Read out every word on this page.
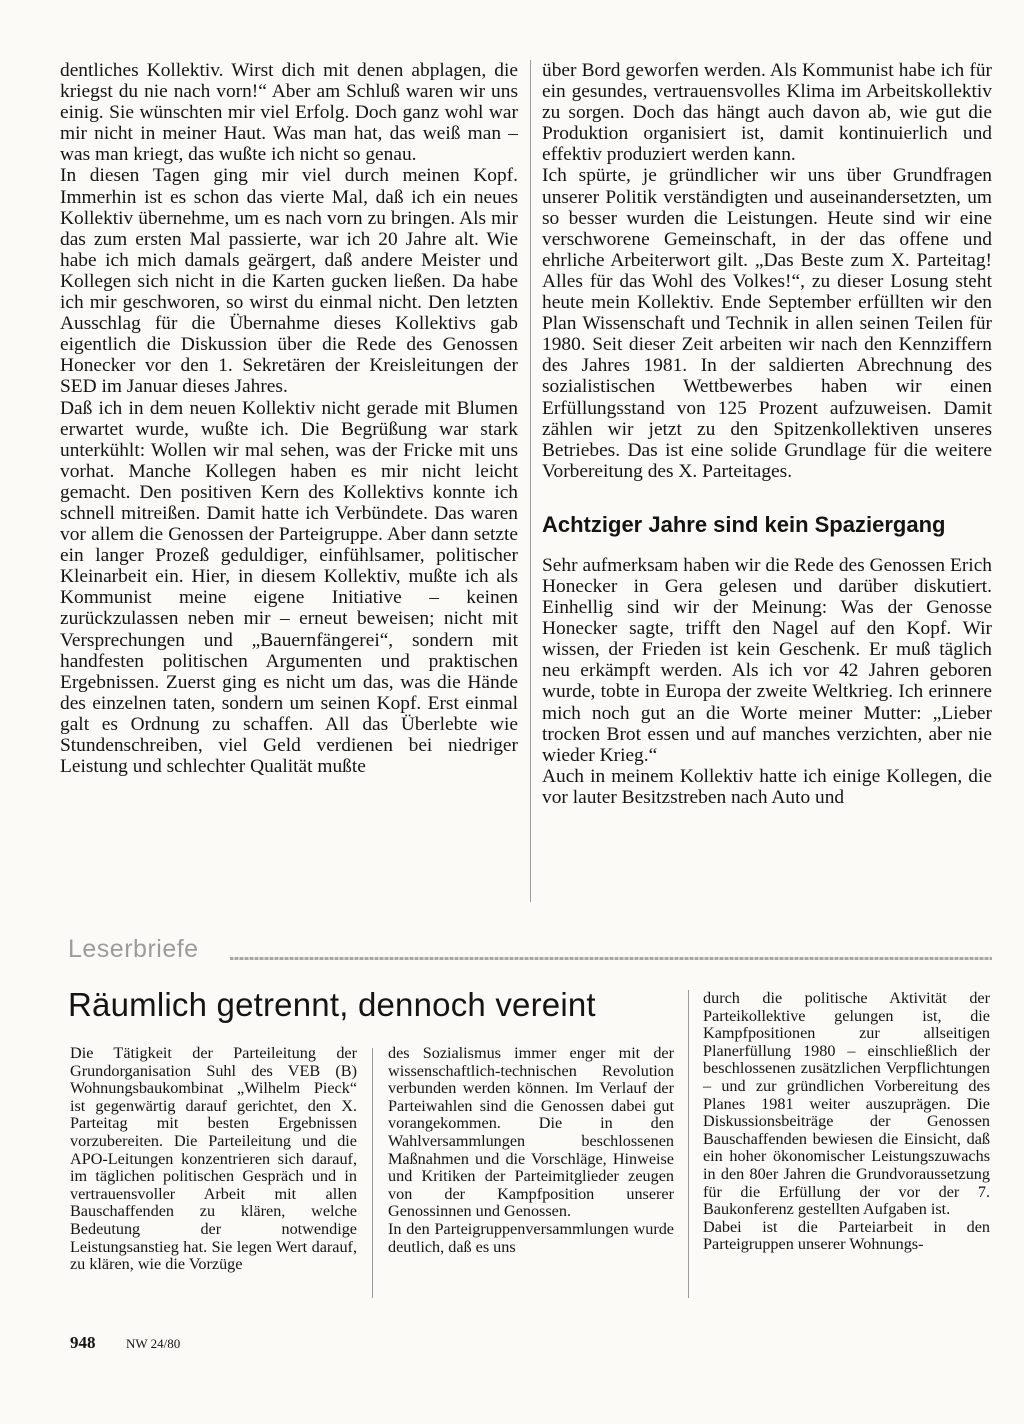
dentliches Kollektiv. Wirst dich mit denen abplagen, die kriegst du nie nach vorn!“ Aber am Schluß waren wir uns einig. Sie wünschten mir viel Erfolg. Doch ganz wohl war mir nicht in meiner Haut. Was man hat, das weiß man – was man kriegt, das wußte ich nicht so genau.

In diesen Tagen ging mir viel durch meinen Kopf. Immerhin ist es schon das vierte Mal, daß ich ein neues Kollektiv übernehme, um es nach vorn zu bringen. Als mir das zum ersten Mal passierte, war ich 20 Jahre alt. Wie habe ich mich damals geärgert, daß andere Meister und Kollegen sich nicht in die Karten gucken ließen. Da habe ich mir geschworen, so wirst du einmal nicht. Den letzten Ausschlag für die Übernahme dieses Kollektivs gab eigentlich die Diskussion über die Rede des Genossen Honecker vor den 1. Sekretären der Kreisleitungen der SED im Januar dieses Jahres.

Daß ich in dem neuen Kollektiv nicht gerade mit Blumen erwartet wurde, wußte ich. Die Begrüßung war stark unterkühlt: Wollen wir mal sehen, was der Fricke mit uns vorhat. Manche Kollegen haben es mir nicht leicht gemacht. Den positiven Kern des Kollektivs konnte ich schnell mitreißen. Damit hatte ich Verbündete. Das waren vor allem die Genossen der Parteigruppe. Aber dann setzte ein langer Prozeß geduldiger, einfühlsamer, politischer Kleinarbeit ein. Hier, in diesem Kollektiv, mußte ich als Kommunist meine eigene Initiative – keinen zurückzulassen neben mir – erneut beweisen; nicht mit Versprechungen und „Bauernfängerei“, sondern mit handfesten politischen Argumenten und praktischen Ergebnissen. Zuerst ging es nicht um das, was die Hände des einzelnen taten, sondern um seinen Kopf. Erst einmal galt es Ordnung zu schaffen. All das Überlebte wie Stundenschreiben, viel Geld verdienen bei niedriger Leistung und schlechter Qualität mußte

über Bord geworfen werden. Als Kommunist habe ich für ein gesundes, vertrauensvolles Klima im Arbeitskollektiv zu sorgen. Doch das hängt auch davon ab, wie gut die Produktion organisiert ist, damit kontinuierlich und effektiv produziert werden kann.

Ich spürte, je gründlicher wir uns über Grundfragen unserer Politik verständigten und auseinandersetzten, um so besser wurden die Leistungen. Heute sind wir eine verschworene Gemeinschaft, in der das offene und ehrliche Arbeiterwort gilt. „Das Beste zum X. Parteitag! Alles für das Wohl des Volkes!“, zu dieser Losung steht heute mein Kollektiv. Ende September erfüllten wir den Plan Wissenschaft und Technik in allen seinen Teilen für 1980. Seit dieser Zeit arbeiten wir nach den Kennziffern des Jahres 1981. In der saldierten Abrechnung des sozialistischen Wettbewerbes haben wir einen Erfüllungsstand von 125 Prozent aufzuweisen. Damit zählen wir jetzt zu den Spitzenkollektiven unseres Betriebes. Das ist eine solide Grundlage für die weitere Vorbereitung des X. Parteitages.

Achtziger Jahre sind kein Spaziergang

Sehr aufmerksam haben wir die Rede des Genossen Erich Honecker in Gera gelesen und darüber diskutiert. Einhellig sind wir der Meinung: Was der Genosse Honecker sagte, trifft den Nagel auf den Kopf. Wir wissen, der Frieden ist kein Geschenk. Er muß täglich neu erkämpft werden. Als ich vor 42 Jahren geboren wurde, tobte in Europa der zweite Weltkrieg. Ich erinnere mich noch gut an die Worte meiner Mutter: „Lieber trocken Brot essen und auf manches verzichten, aber nie wieder Krieg.“

Auch in meinem Kollektiv hatte ich einige Kollegen, die vor lauter Besitzstreben nach Auto und

Leserbriefe
Räumlich getrennt, dennoch vereint

Die Tätigkeit der Parteileitung der Grundorganisation Suhl des VEB (B) Wohnungsbaukombinat „Wilhelm Pieck“ ist gegenwärtig darauf gerichtet, den X. Parteitag mit besten Ergebnissen vorzubereiten. Die Parteileitung und die APO-Leitungen konzentrieren sich darauf, im täglichen politischen Gespräch und in vertrauensvoller Arbeit mit allen Bauschaffenden zu klären, welche Bedeutung der notwendige Leistungsanstieg hat. Sie legen Wert darauf, zu klären, wie die Vorzüge

des Sozialismus immer enger mit der wissenschaftlich-technischen Revolution verbunden werden können. Im Verlauf der Parteiwahlen sind die Genossen dabei gut vorangekommen. Die in den Wahlversammlungen beschlossenen Maßnahmen und die Vorschläge, Hinweise und Kritiken der Parteimitglieder zeugen von der Kampfposition unserer Genossinnen und Genossen.

In den Parteigruppenversammlungen wurde deutlich, daß es uns

durch die politische Aktivität der Parteikollektive gelungen ist, die Kampfpositionen zur allseitigen Planerfüllung 1980 – einschließlich der beschlossenen zusätzlichen Verpflichtungen – und zur gründlichen Vorbereitung des Planes 1981 weiter auszuprägen. Die Diskussionsbeiträge der Genossen Bauschaffenden bewiesen die Einsicht, daß ein hoher ökonomischer Leistungszuwachs in den 80er Jahren die Grundvoraussetzung für die Erfüllung der vor der 7. Baukonferenz gestellten Aufgaben ist.

Dabei ist die Parteiarbeit in den Parteigruppen unserer Wohnungs-

948 NW 24/80
